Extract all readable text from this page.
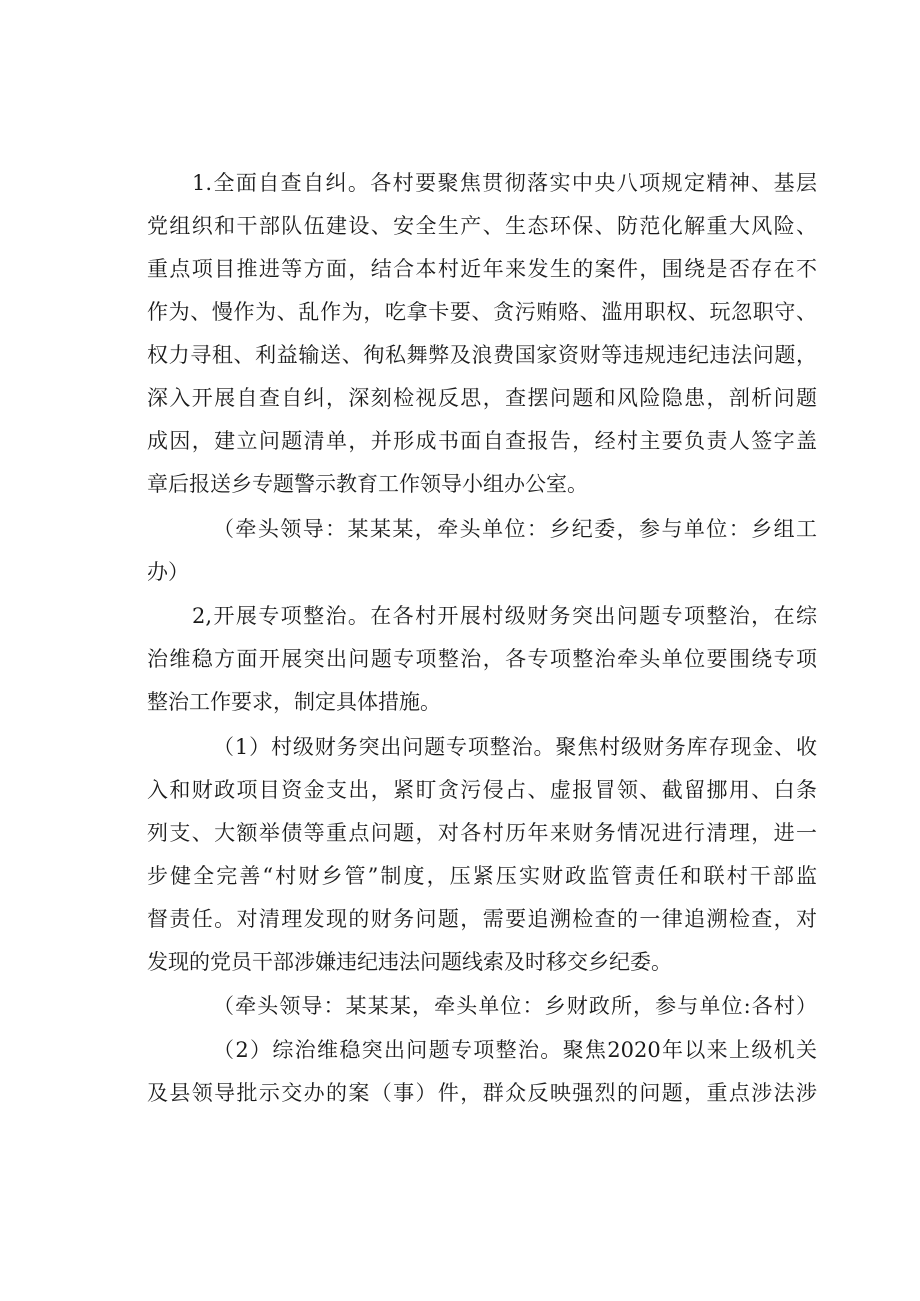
1.全面自查自纠。各村要聚焦贯彻落实中央八项规定精神、基层
党组织和干部队伍建设、安全生产、生态环保、防范化解重大风险、
重点项目推进等方面，结合本村近年来发生的案件，围绕是否存在不
作为、慢作为、乱作为，吃拿卡要、贪污贿赂、滥用职权、玩忽职守、
权力寻租、利益输送、徇私舞弊及浪费国家资财等违规违纪违法问题，
深入开展自查自纠，深刻检视反思，查摆问题和风险隐患，剖析问题
成因，建立问题清单，并形成书面自查报告，经村主要负责人签字盖
章后报送乡专题警示教育工作领导小组办公室。
（牵头领导：某某某，牵头单位：乡纪委，参与单位：乡组工
办）
2,开展专项整治。在各村开展村级财务突出问题专项整治，在综
治维稳方面开展突出问题专项整治，各专项整治牵头单位要围绕专项
整治工作要求，制定具体措施。
（1）村级财务突出问题专项整治。聚焦村级财务库存现金、收
入和财政项目资金支出，紧盯贪污侵占、虚报冒领、截留挪用、白条
列支、大额举债等重点问题，对各村历年来财务情况进行清理，进一
步健全完善“村财乡管”制度，压紧压实财政监管责任和联村干部监
督责任。对清理发现的财务问题，需要追溯检查的一律追溯检查，对
发现的党员干部涉嫌违纪违法问题线索及时移交乡纪委。
（牵头领导：某某某，牵头单位：乡财政所，参与单位:各村）
（2）综治维稳突出问题专项整治。聚焦2020年以来上级机关
及县领导批示交办的案（事）件，群众反映强烈的问题，重点涉法涉
